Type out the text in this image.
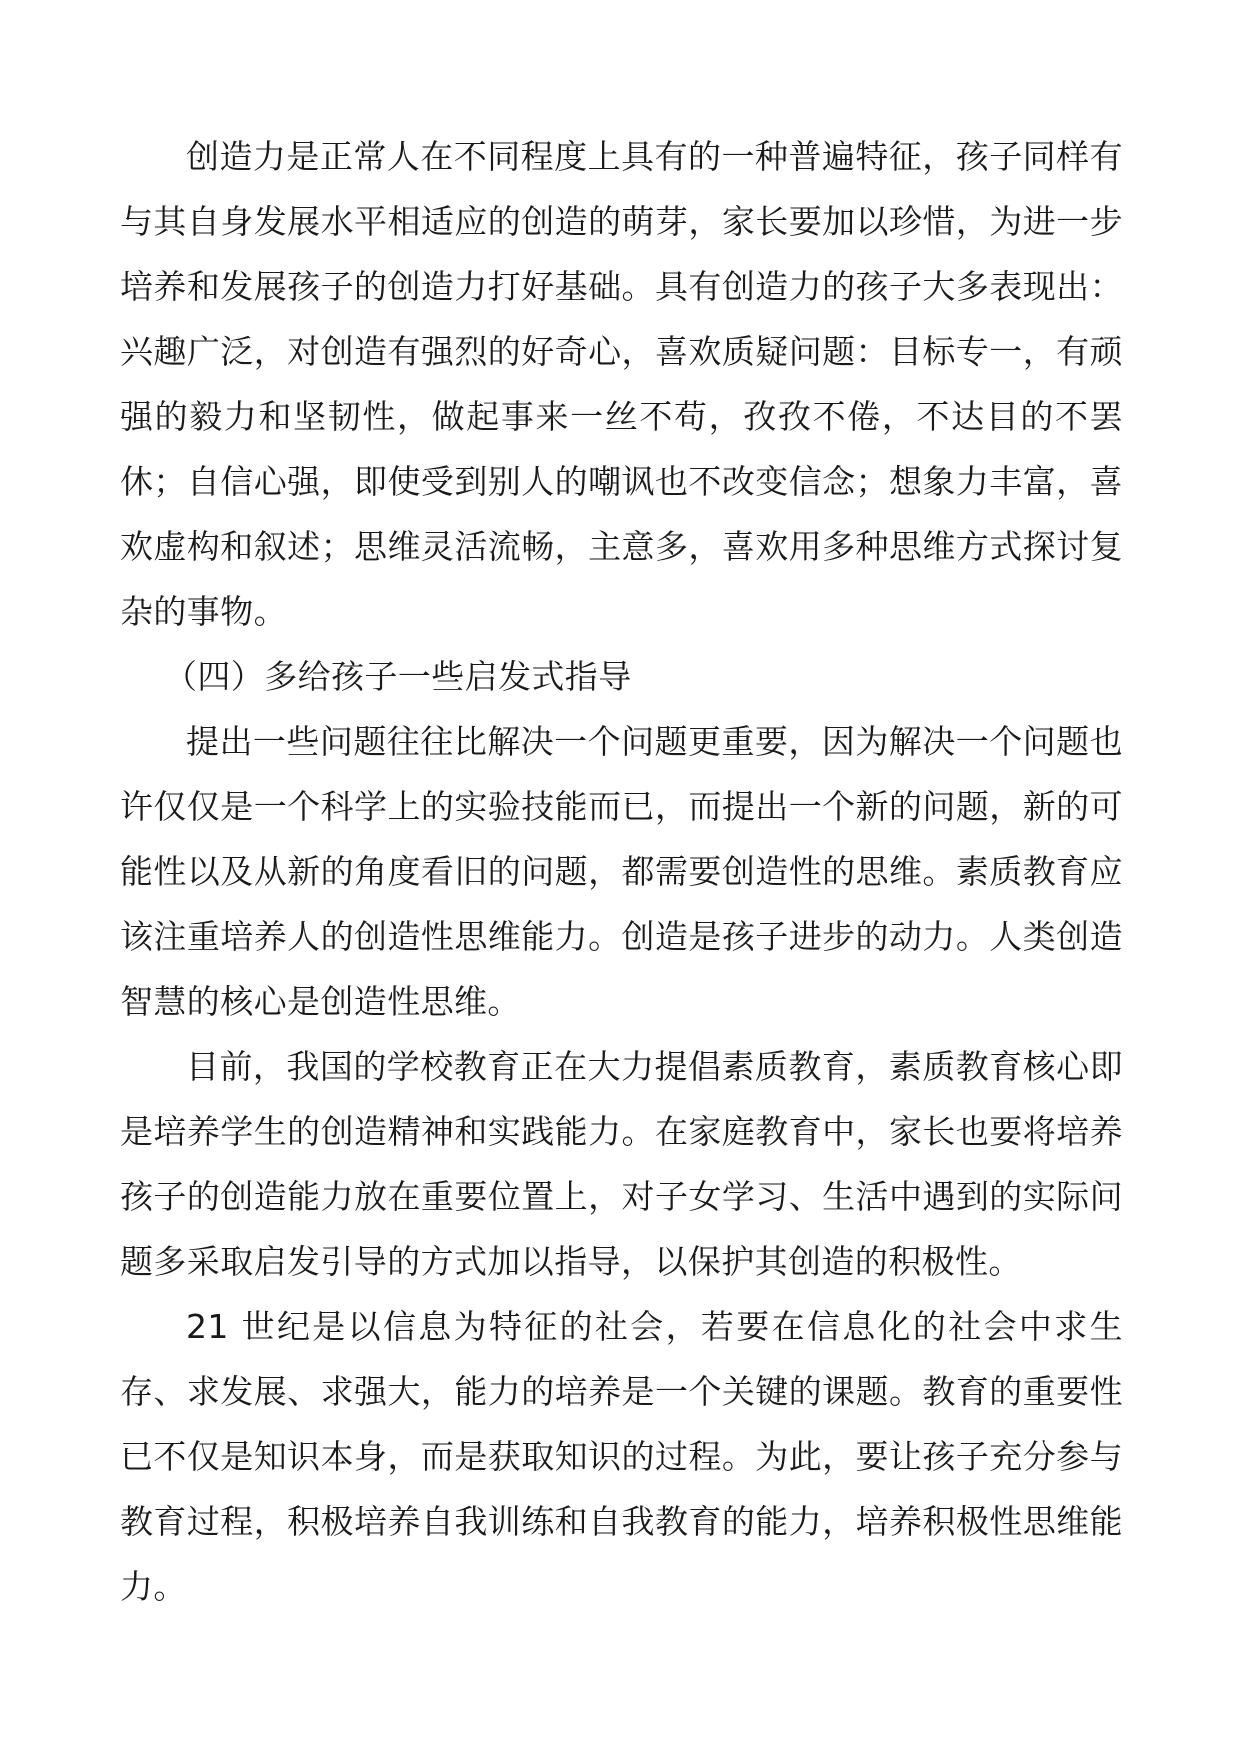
创造力是正常人在不同程度上具有的一种普遍特征，孩子同样有与其自身发展水平相适应的创造的萌芽，家长要加以珍惜，为进一步培养和发展孩子的创造力打好基础。具有创造力的孩子大多表现出：兴趣广泛，对创造有强烈的好奇心，喜欢质疑问题：目标专一，有顽强的毅力和坚韧性，做起事来一丝不苟，孜孜不倦，不达目的不罢休；自信心强，即使受到别人的嘲讽也不改变信念；想象力丰富，喜欢虚构和叙述；思维灵活流畅，主意多，喜欢用多种思维方式探讨复杂的事物。

（四）多给孩子一些启发式指导

提出一些问题往往比解决一个问题更重要，因为解决一个问题也许仅仅是一个科学上的实验技能而已，而提出一个新的问题，新的可能性以及从新的角度看旧的问题，都需要创造性的思维。素质教育应该注重培养人的创造性思维能力。创造是孩子进步的动力。人类创造智慧的核心是创造性思维。

目前，我国的学校教育正在大力提倡素质教育，素质教育核心即是培养学生的创造精神和实践能力。在家庭教育中，家长也要将培养孩子的创造能力放在重要位置上，对子女学习、生活中遇到的实际问题多采取启发引导的方式加以指导，以保护其创造的积极性。

21 世纪是以信息为特征的社会，若要在信息化的社会中求生存、求发展、求强大，能力的培养是一个关键的课题。教育的重要性已不仅是知识本身，而是获取知识的过程。为此，要让孩子充分参与教育过程，积极培养自我训练和自我教育的能力，培养积极性思维能力。
